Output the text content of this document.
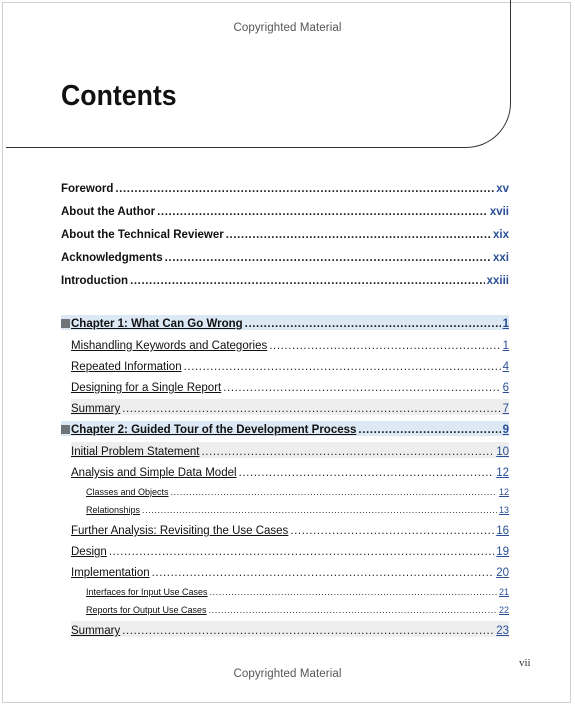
Copyrighted Material
Contents
Foreword .....	xv
About the Author .....	xvii
About the Technical Reviewer .....	xix
Acknowledgments .....	xxi
Introduction .....	xxiii
Chapter 1: What Can Go Wrong .....	1
Mishandling Keywords and Categories .....	1
Repeated Information .....	4
Designing for a Single Report .....	6
Summary .....	7
Chapter 2: Guided Tour of the Development Process .....	9
Initial Problem Statement .....	10
Analysis and Simple Data Model .....	12
Classes and Objects .....	12
Relationships .....	13
Further Analysis: Revisiting the Use Cases .....	16
Design .....	19
Implementation .....	20
Interfaces for Input Use Cases .....	21
Reports for Output Use Cases .....	22
Summary .....	23
vii
Copyrighted Material
